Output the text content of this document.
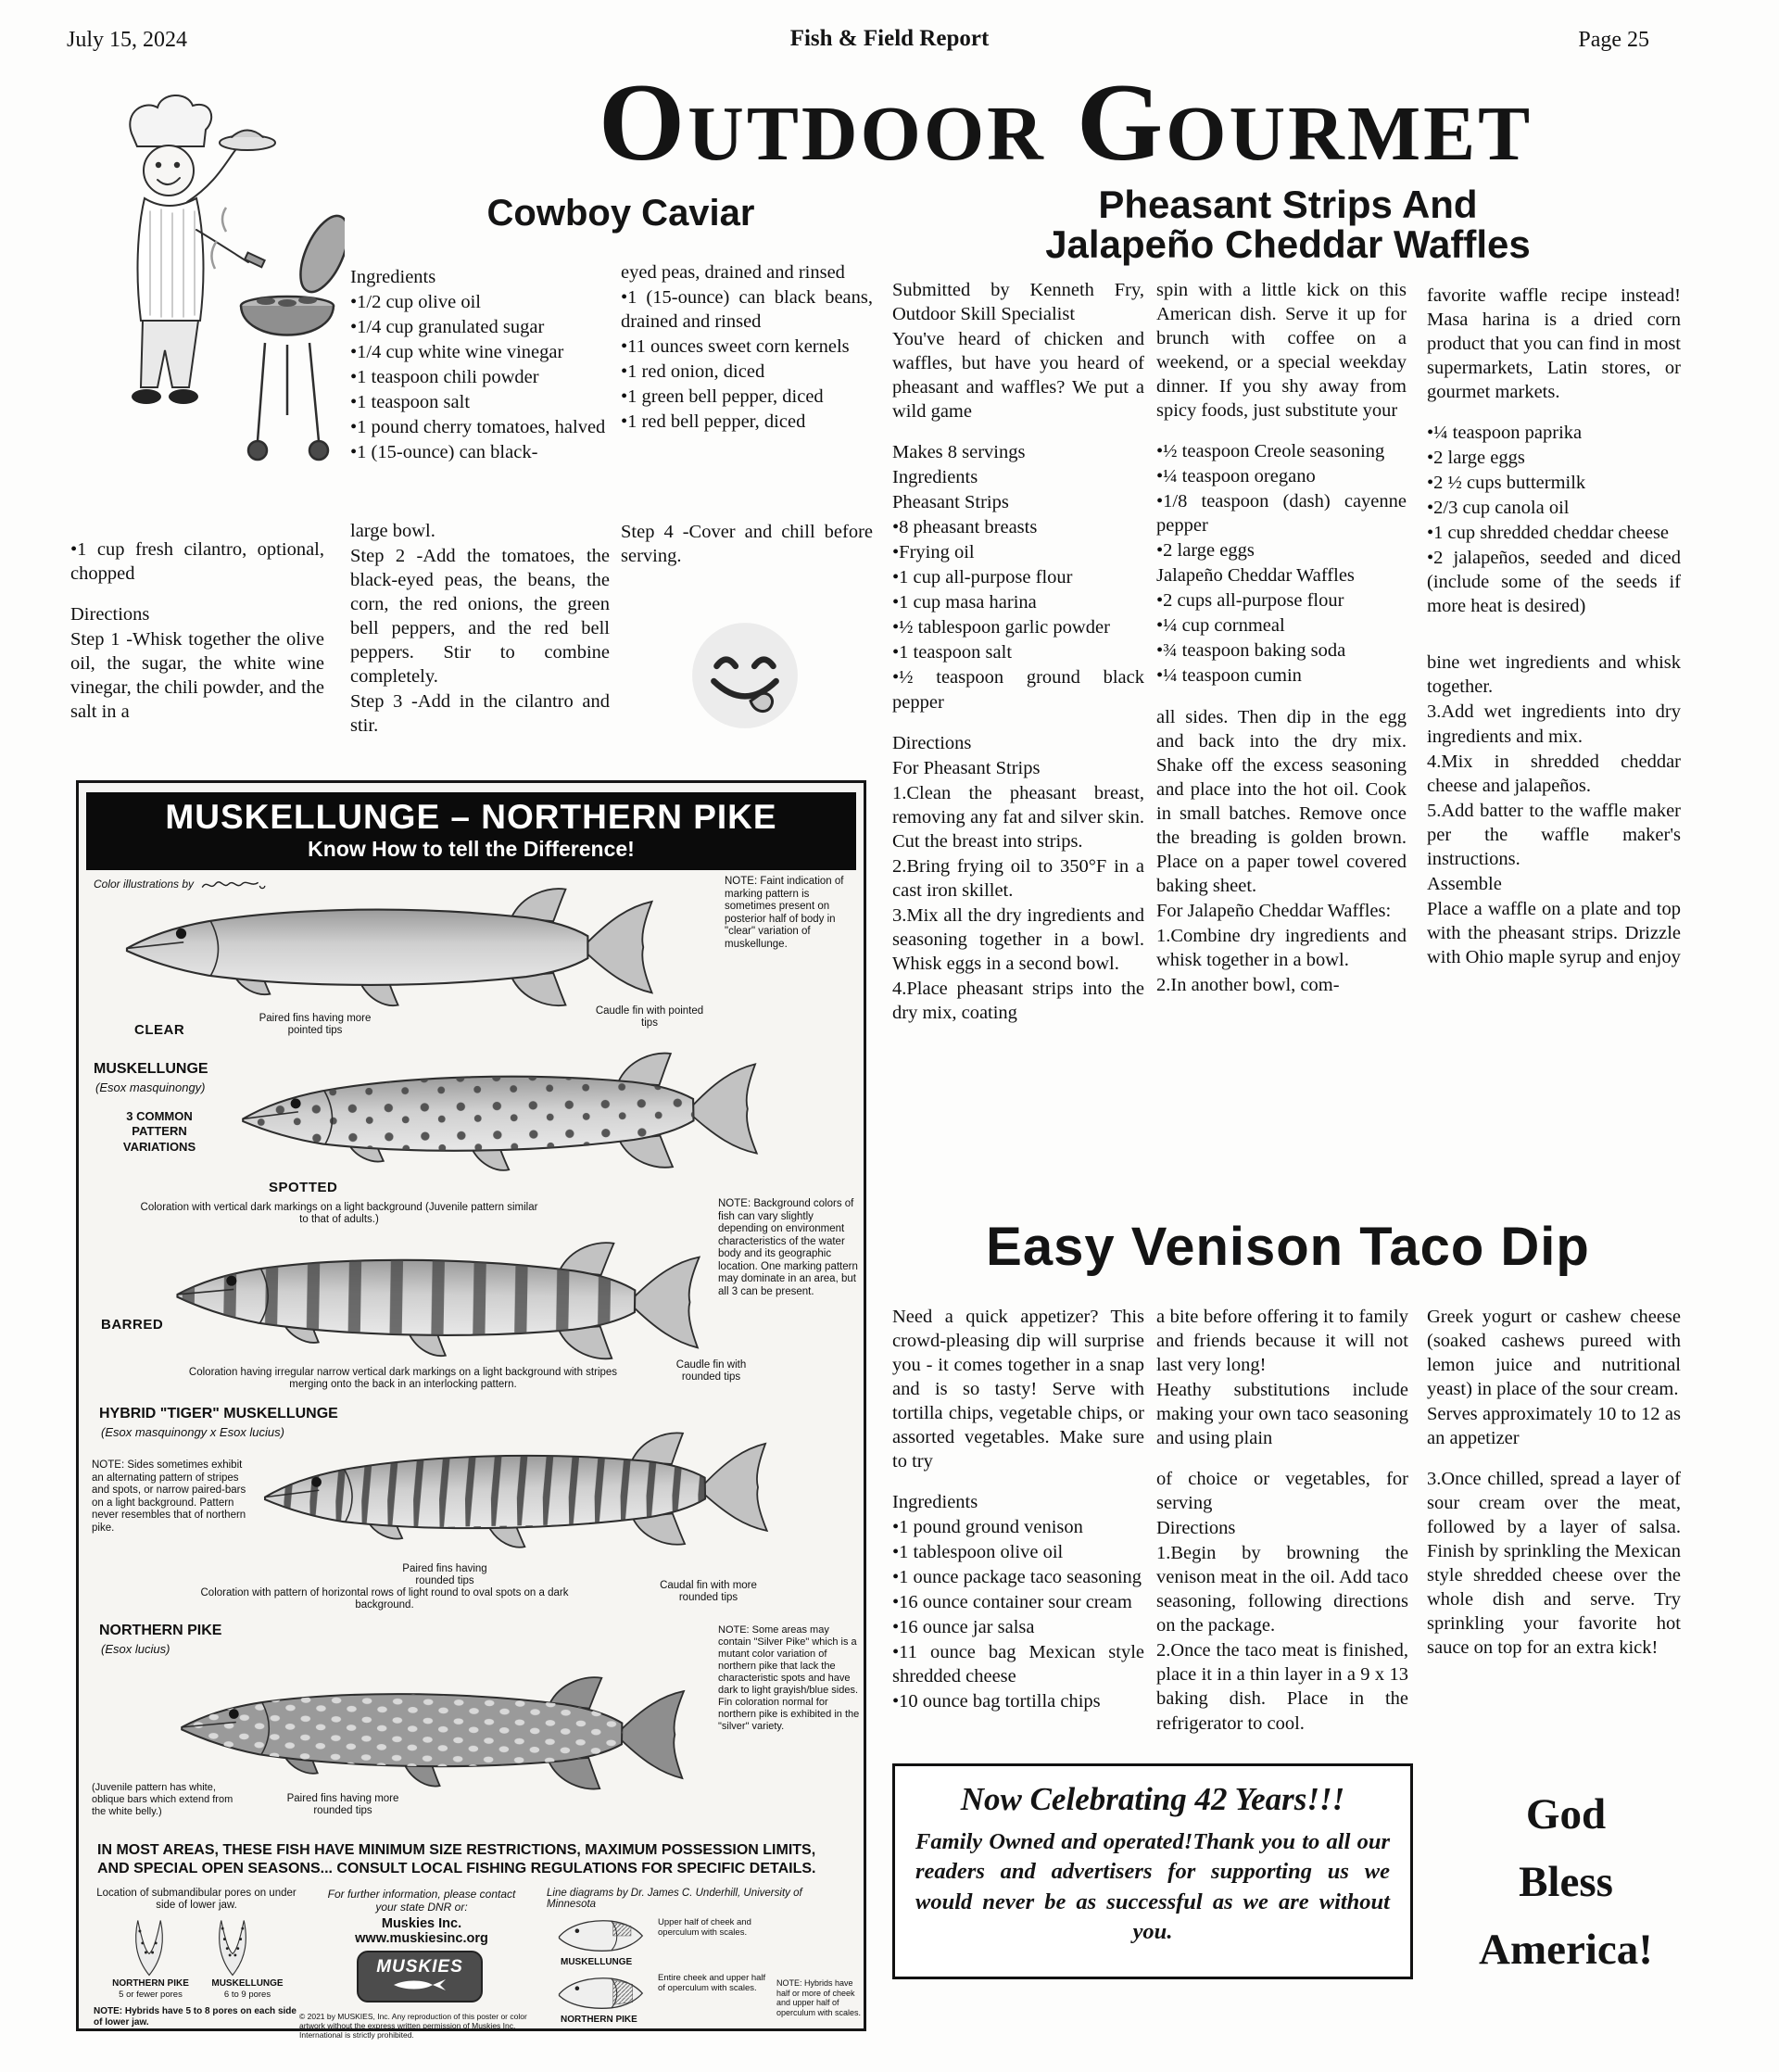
July 15, 2024	Fish & Field Report	Page 25
Outdoor Gourmet
Cowboy Caviar	Pheasant Strips And
Jalapeño Cheddar Waffles

•1 cup fresh cilantro, optional, chopped

Directions

Step 1 -Whisk together the olive oil, the sugar, the white wine vinegar, the chili powder, and the salt in a

Ingredients

•1/2 cup olive oil

•1/4 cup granulated sugar

•1/4 cup white wine vinegar

•1 teaspoon chili powder

•1 teaspoon salt

•1 pound cherry tomatoes, halved

•1 (15-ounce) can black-

large bowl.

Step 2 -Add the tomatoes, the black-eyed peas, the beans, the corn, the red onions, the green bell peppers, and the red bell peppers. Stir to combine completely.

Step 3 -Add in the cilantro and stir.

eyed peas, drained and rinsed

•1 (15-ounce) can black beans, drained and rinsed

•11 ounces sweet corn kernels

•1 red onion, diced

•1 green bell pepper, diced

•1 red bell pepper, diced

Step 4 -Cover and chill before serving.

Submitted by Kenneth Fry, Outdoor Skill Specialist

You've heard of chicken and waffles, but have you heard of pheasant and waffles? We put a wild game

Makes 8 servings

Ingredients

Pheasant Strips

•8 pheasant breasts

•Frying oil

•1 cup all-purpose flour

•1 cup masa harina

•½ tablespoon garlic powder

•1 teaspoon salt

•½ teaspoon ground black pepper

Directions

For Pheasant Strips

1.Clean the pheasant breast, removing any fat and silver skin. Cut the breast into strips.

2.Bring frying oil to 350°F in a cast iron skillet.

3.Mix all the dry ingredients and seasoning together in a bowl. Whisk eggs in a second bowl.

4.Place pheasant strips into the dry mix, coating

spin with a little kick on this American dish. Serve it up for brunch with coffee on a weekend, or a special weekday dinner. If you shy away from spicy foods, just substitute your

•½ teaspoon Creole seasoning

•¼ teaspoon oregano

•1/8 teaspoon (dash) cayenne pepper

•2 large eggs

Jalapeño Cheddar Waffles

•2 cups all-purpose flour

•¼ cup cornmeal

•¾ teaspoon baking soda

•¼ teaspoon cumin

all sides. Then dip in the egg and back into the dry mix. Shake off the excess seasoning and place into the hot oil. Cook in small batches. Remove once the breading is golden brown. Place on a paper towel covered baking sheet.

For Jalapeño Cheddar Waffles:

1.Combine dry ingredients and whisk together in a bowl.

2.In another bowl, com-

favorite waffle recipe instead! Masa harina is a dried corn product that you can find in most supermarkets, Latin stores, or gourmet markets.

•¼ teaspoon paprika

•2 large eggs

•2 ½ cups buttermilk

•2/3 cup canola oil

•1 cup shredded cheddar cheese

•2 jalapeños, seeded and diced (include some of the seeds if more heat is desired)

bine wet ingredients and whisk together.

3.Add wet ingredients into dry ingredients and mix.

4.Mix in shredded cheddar cheese and jalapeños.

5.Add batter to the waffle maker per the waffle maker's instructions.

Assemble

Place a waffle on a plate and top with the pheasant strips. Drizzle with Ohio maple syrup and enjoy

Easy Venison Taco Dip

Need a quick appetizer? This crowd-pleasing dip will surprise you - it comes together in a snap and is so tasty! Serve with tortilla chips, vegetable chips, or assorted vegetables. Make sure to try

Ingredients

•1 pound ground venison

•1 tablespoon olive oil

•1 ounce package taco seasoning

•16 ounce container sour cream

•16 ounce jar salsa

•11 ounce bag Mexican style shredded cheese

•10 ounce bag tortilla chips

a bite before offering it to family and friends because it will not last very long!

Heathy substitutions include making your own taco seasoning and using plain

of choice or vegetables, for serving

Directions

1.Begin by browning the venison meat in the oil. Add taco seasoning, following directions on the package.

2.Once the taco meat is finished, place it in a thin layer in a 9 x 13 baking dish. Place in the refrigerator to cool.

Greek yogurt or cashew cheese (soaked cashews pureed with lemon juice and nutritional yeast) in place of the sour cream.

Serves approximately 10 to 12 as an appetizer

3.Once chilled, spread a layer of sour cream over the meat, followed by a layer of salsa. Finish by sprinkling the Mexican style shredded cheese over the whole dish and serve. Try sprinkling your favorite hot sauce on top for an extra kick!

Now Celebrating 42 Years!!!
Family Owned and operated!Thank you to all our readers and advertisers for supporting us we would never be as successful as we are without you.
God
Bless
America!
MUSKELLUNGE – NORTHERN PIKE
Know How to tell the Difference!
Color illustrations by	NOTE: Faint indication of marking pattern is sometimes present on posterior half of body in "clear" variation of muskellunge.
CLEAR
Paired fins having more pointed tips
Caudle fin with pointed tips
MUSKELLUNGE
(Esox masquinongy)
3 COMMON PATTERN VARIATIONS
SPOTTED
Coloration with vertical dark markings on a light background (Juvenile pattern similar to that of adults.)
NOTE: Background colors of fish can vary slightly depending on environment characteristics of the water body and its geographic location. One marking pattern may dominate in an area, but all 3 can be present.
BARRED
Coloration having irregular narrow vertical dark markings on a light background with stripes merging onto the back in an interlocking pattern.
Caudle fin with rounded tips
HYBRID "TIGER" MUSKELLUNGE
(Esox masquinongy x Esox lucius)
NOTE: Sides sometimes exhibit an alternating pattern of stripes and spots, or narrow paired-bars on a light background. Pattern never resembles that of northern pike.
Paired fins having rounded tips
Coloration with pattern of horizontal rows of light round to oval spots on a dark background.
Caudal fin with more rounded tips
NORTHERN PIKE
(Esox lucius)
NOTE: Some areas may contain "Silver Pike" which is a mutant color variation of northern pike that lack the characteristic spots and have dark to light grayish/blue sides. Fin coloration normal for northern pike is exhibited in the "silver" variety.
(Juvenile pattern has white, oblique bars which extend from the white belly.)
Paired fins having more rounded tips
IN MOST AREAS, THESE FISH HAVE MINIMUM SIZE RESTRICTIONS, MAXIMUM POSSESSION LIMITS, AND SPECIAL OPEN SEASONS... CONSULT LOCAL FISHING REGULATIONS FOR SPECIFIC DETAILS.
Location of submandibular pores on under side of lower jaw.
NORTHERN PIKE
5 or fewer pores
MUSKELLUNGE
6 to 9 pores
NOTE: Hybrids have 5 to 8 pores on each side of lower jaw.
For further information, please contact
your state DNR or:
Muskies Inc.
www.muskiesinc.org
MUSKIES
© 2021 by MUSKIES, Inc. Any reproduction of this poster or color artwork without the express written permission of Muskies Inc. International is strictly prohibited.
Line diagrams by Dr. James C. Underhill, University of Minnesota
MUSKELLUNGE
Upper half of cheek and operculum with scales.
NORTHERN PIKE
Entire cheek and upper half of operculum with scales.
NOTE: Hybrids have half or more of cheek and upper half of operculum with scales.
